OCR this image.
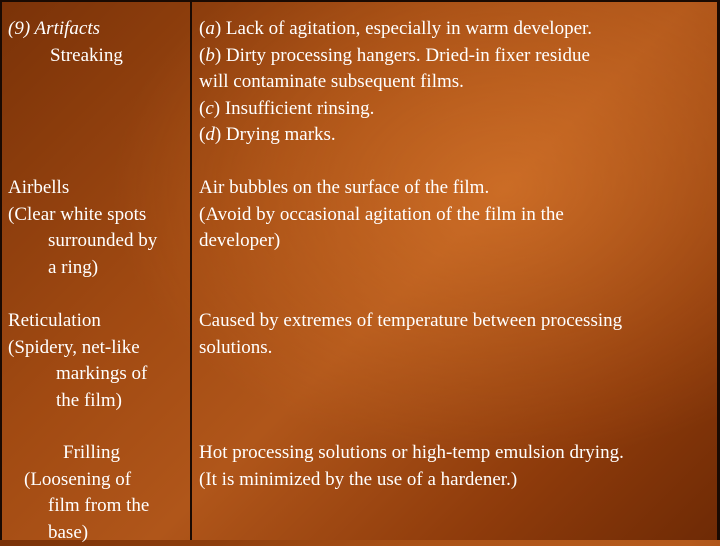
(9) Artifacts
Streaking
(a) Lack of agitation, especially in warm developer.
(b) Dirty processing hangers. Dried-in fixer residue
will contaminate subsequent films.
(c) Insufficient rinsing.
(d) Drying marks.
Airbells
(Clear white spots
surrounded by
a ring)
Air bubbles on the surface of the film.
(Avoid by occasional agitation of the film in the
developer)
Reticulation
(Spidery, net-like
markings of
the film)
Caused by extremes of temperature between processing
solutions.
Frilling
(Loosening of
film from the
base)
Hot processing solutions or high-temp emulsion drying.
(It is minimized by the use of a hardener.)
